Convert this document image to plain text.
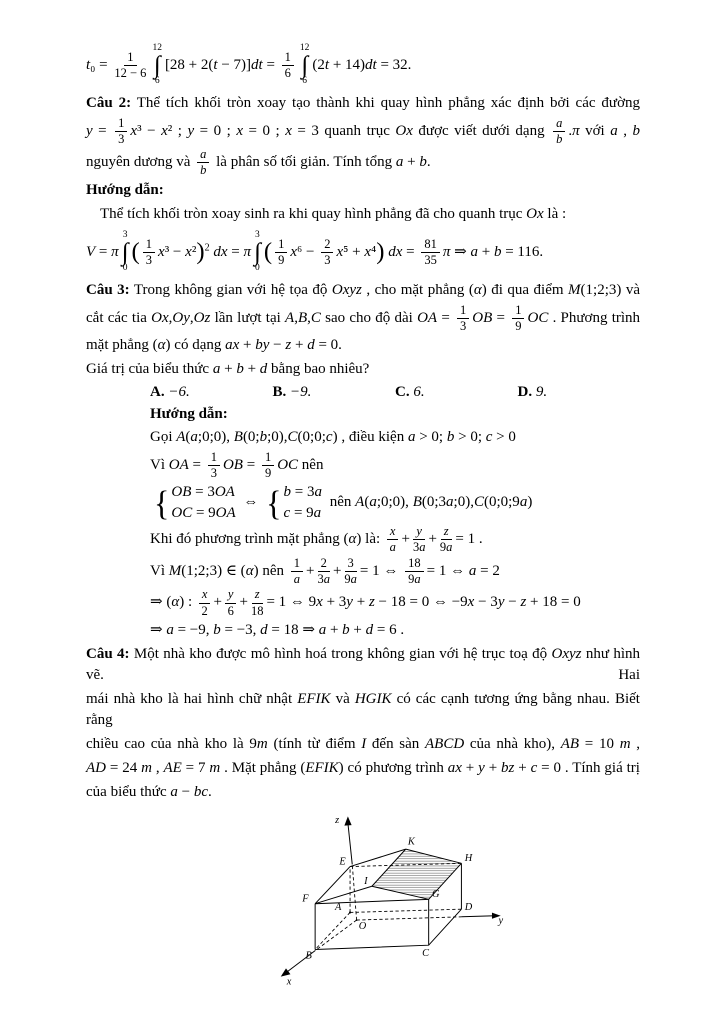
$t_0 = \frac{1}{12 - 6}$
12
∫
6
$[28 + 2(t - 7)]dt = \frac{1}{6}$
12
∫
6
(2t + 14)dt = 32.
Câu 2: Thể tích khối tròn xoay tạo thành khi quay hình phẳng xác định bởi các đường
$y = \frac{1}{3} x^3 - x^2$ ; y = 0 ; x = 0 ; x = 3 quanh trục Ox được viết dưới dạng $\frac{a}{b} .\pi$ với a , b
nguyên dương và $\frac{a}{b}$ là phân số tối giản. Tính tổng a + b.
Hướng dẫn:
Thể tích khối tròn xoay sinh ra khi quay hình phẳng đã cho quanh trục Ox là :
V = π
3
∫
0
( $\frac{1}{3} x^3 - x^2)^2$ dx = π
3
∫
0
( $\frac{1}{9} x^6 - \frac{2}{3} x^5 + x^4$) dx = $\frac{81}{35}$ π ⇒ a + b = 116.
Câu 3: Trong không gian với hệ tọa độ Oxyz , cho mặt phẳng (α) đi qua điểm M(1;2;3) và
cắt các tia Ox,Oy,Oz lần lượt tại A,B,C sao cho độ dài OA = $\frac{1}{3}$ OB = $\frac{1}{9}$ OC . Phương trình
mặt phẳng (α) có dạng ax + by − z + d = 0.
Giá trị của biểu thức a + b + d bằng bao nhiêu?
A. −6.	B. −9.	C. 6.	D. 9.
Hướng dẫn:
Gọi A(a;0;0), B(0;b;0),C(0;0;c) , điều kiện a > 0; b > 0; c > 0
Vì OA = $\frac{1}{3}$ OB = $\frac{1}{9}$ OC nên
{ OB = 3OA
OC = 9OA
⇔ { b = 3a
c = 9a
nên A(a;0;0), B(0;3a;0),C(0;0;9a)
Khi đó phương trình mặt phẳng (α) là: $\frac{x}{a} + \frac{y}{3a} + \frac{z}{9a} = 1$ .
Vì M(1;2;3) ∈ (α) nên $\frac{1}{a} + \frac{2}{3a} + \frac{3}{9a} = 1$ ⇔ $\frac{18}{9a} = 1$ ⇔ a = 2
⇒ (α) : $\frac{x}{2} + \frac{y}{6} + \frac{z}{18} = 1$ ⇔ 9x + 3y + z − 18 = 0 ⇔ −9x − 3y − z + 18 = 0
⇒ a = −9, b = −3, d = 18 ⇒ a + b + d = 6 .
Câu 4: Một nhà kho được mô hình hoá trong không gian với hệ trục toạ độ Oxyz như hình vẽ. Hai
mái nhà kho là hai hình chữ nhật EFIK và HGIK có các cạnh tương ứng bằng nhau. Biết rằng
chiều cao của nhà kho là 9m (tính từ điểm I đến sàn ABCD của nhà kho), AB = 10 m ,
AD = 24 m , AE = 7 m . Mặt phẳng (EFIK) có phương trình ax + y + bz + c = 0 . Tính giá trị
của biểu thức a − bc.
z
K
E	H
I
F	G
D
A
O	y
B	C
x
